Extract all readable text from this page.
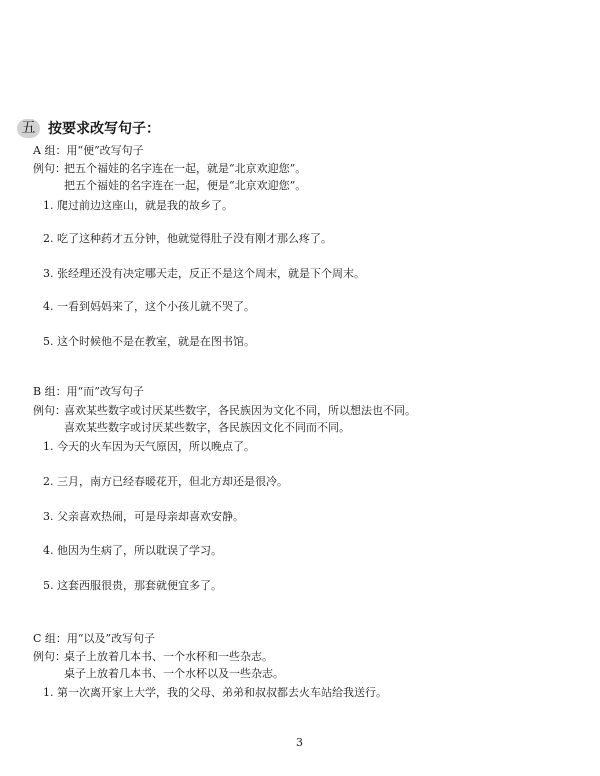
五 按要求改写句子：
A 组：用“便”改写句子
例句：
把五个福娃的名字连在一起，就是“北京欢迎您”。
把五个福娃的名字连在一起，便是“北京欢迎您”。
1. 爬过前边这座山，就是我的故乡了。
2. 吃了这种药才五分钟，他就觉得肚子没有刚才那么疼了。
3. 张经理还没有决定哪天走，反正不是这个周末，就是下个周末。
4. 一看到妈妈来了，这个小孩儿就不哭了。
5. 这个时候他不是在教室，就是在图书馆。
B 组：用“而”改写句子
例句：
喜欢某些数字或讨厌某些数字，各民族因为文化不同，所以想法也不同。
喜欢某些数字或讨厌某些数字，各民族因文化不同而不同。
1. 今天的火车因为天气原因，所以晚点了。
2. 三月，南方已经春暖花开，但北方却还是很冷。
3. 父亲喜欢热闹，可是母亲却喜欢安静。
4. 他因为生病了，所以耽误了学习。
5. 这套西服很贵，那套就便宜多了。
C 组：用“以及”改写句子
例句：
桌子上放着几本书、一个水杯和一些杂志。
桌子上放着几本书、一个水杯以及一些杂志。
1. 第一次离开家上大学，我的父母、弟弟和叔叔都去火车站给我送行。
3
